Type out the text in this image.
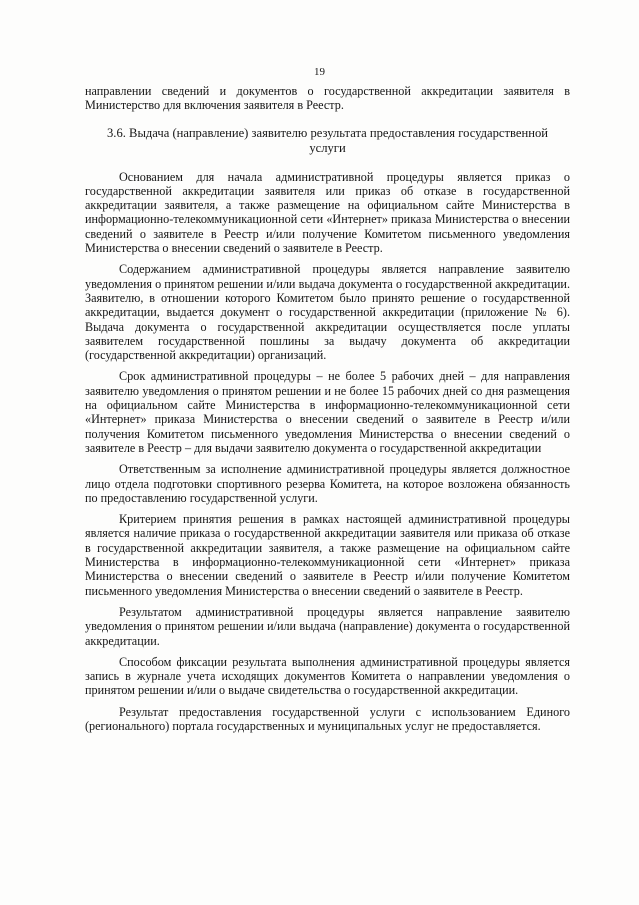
19

направлении сведений и документов о государственной аккредитации заявителя в Министерство для включения заявителя в Реестр.

3.6. Выдача (направление) заявителю результата предоставления государственной услуги

Основанием для начала административной процедуры является приказ о государственной аккредитации заявителя или приказ об отказе в государственной аккредитации заявителя, а также размещение на официальном сайте Министерства в информационно-телекоммуникационной сети «Интернет» приказа Министерства о внесении сведений о заявителе в Реестр и/или получение Комитетом письменного уведомления Министерства о внесении сведений о заявителе в Реестр.

Содержанием административной процедуры является направление заявителю уведомления о принятом решении и/или выдача документа о государственной аккредитации. Заявителю, в отношении которого Комитетом было принято решение о государственной аккредитации, выдается документ о государственной аккредитации (приложение № 6). Выдача документа о государственной аккредитации осуществляется после уплаты заявителем государственной пошлины за выдачу документа об аккредитации (государственной аккредитации) организаций.

Срок административной процедуры – не более 5 рабочих дней – для направления заявителю уведомления о принятом решении и не более 15 рабочих дней со дня размещения на официальном сайте Министерства в информационно-телекоммуникационной сети «Интернет» приказа Министерства о внесении сведений о заявителе в Реестр и/или получения Комитетом письменного уведомления Министерства о внесении сведений о заявителе в Реестр – для выдачи заявителю документа о государственной аккредитации

Ответственным за исполнение административной процедуры является должностное лицо отдела подготовки спортивного резерва Комитета, на которое возложена обязанность по предоставлению государственной услуги.

Критерием принятия решения в рамках настоящей административной процедуры является наличие приказа о государственной аккредитации заявителя или приказа об отказе в государственной аккредитации заявителя, а также размещение на официальном сайте Министерства в информационно-телекоммуникационной сети «Интернет» приказа Министерства о внесении сведений о заявителе в Реестр и/или получение Комитетом письменного уведомления Министерства о внесении сведений о заявителе в Реестр.

Результатом административной процедуры является направление заявителю уведомления о принятом решении и/или выдача (направление) документа о государственной аккредитации.

Способом фиксации результата выполнения административной процедуры является запись в журнале учета исходящих документов Комитета о направлении уведомления о принятом решении и/или о выдаче свидетельства о государственной аккредитации.

Результат предоставления государственной услуги с использованием Единого (регионального) портала государственных и муниципальных услуг не предоставляется.
